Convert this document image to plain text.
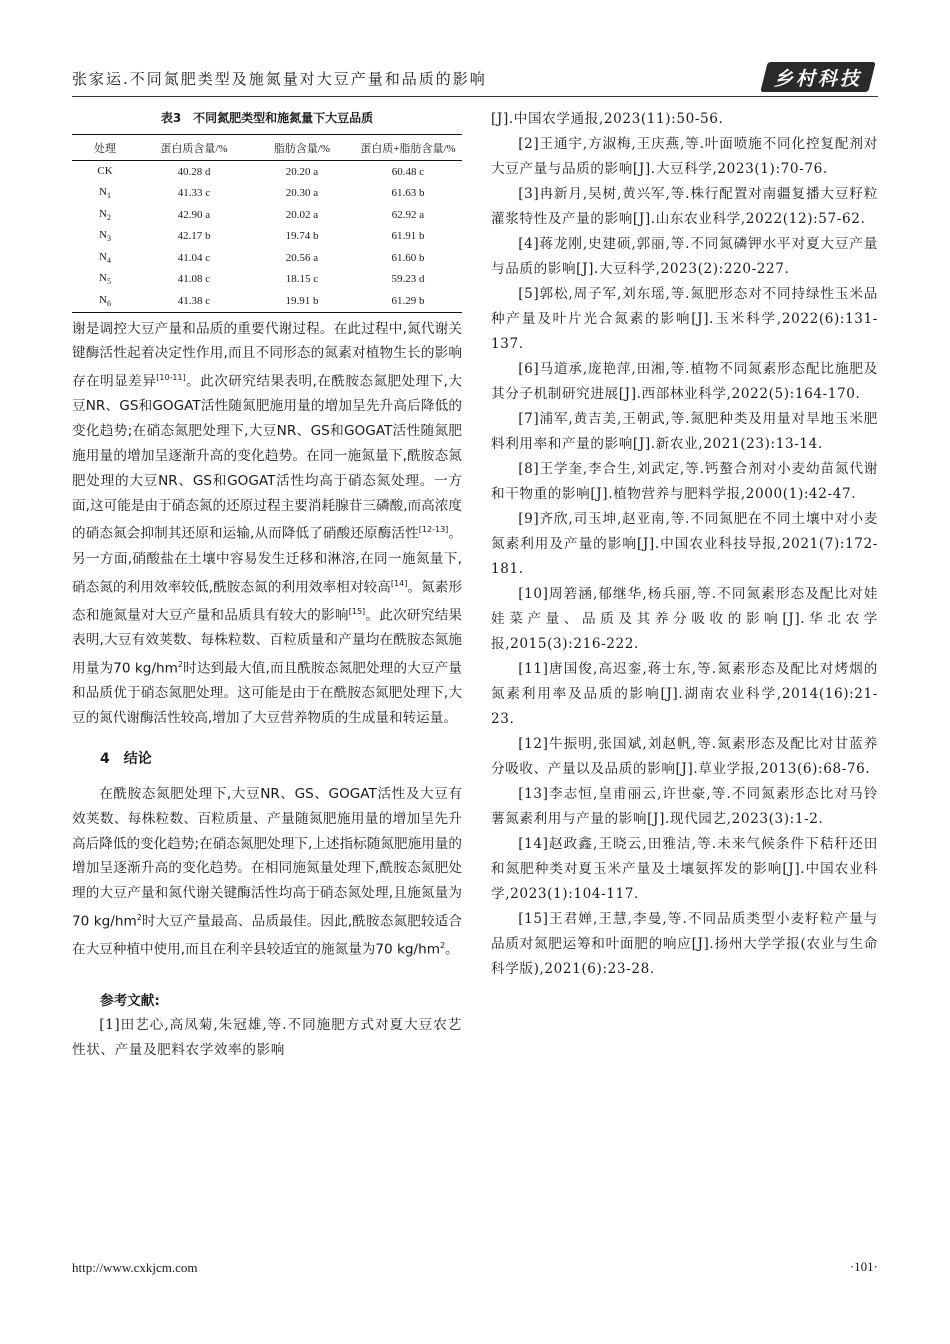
张家运.不同氮肥类型及施氮量对大豆产量和品质的影响	乡村科技
表3　不同氮肥类型和施氮量下大豆品质
处理	蛋白质含量/%	脂肪含量/%	蛋白质+脂肪含量/%
CK	40.28 d	20.20 a	60.48 c
$N_1$	41.33 c	20.30 a	61.63 b
$N_2$	42.90 a	20.02 a	62.92 a
$N_3$	42.17 b	19.74 b	61.91 b
$N_4$	41.04 c	20.56 a	61.60 b
$N_5$	41.08 c	18.15 c	59.23 d
$N_6$	41.38 c	19.91 b	61.29 b

谢是调控大豆产量和品质的重要代谢过程。在此过程中,氮代谢关键酶活性起着决定性作用,而且不同形态的氮素对植物生长的影响存在明显差异[10-11]。此次研究结果表明,在酰胺态氮肥处理下,大豆NR、GS和GOGAT活性随氮肥施用量的增加呈先升高后降低的变化趋势;在硝态氮肥处理下,大豆NR、GS和GOGAT活性随氮肥施用量的增加呈逐渐升高的变化趋势。在同一施氮量下,酰胺态氮肥处理的大豆NR、GS和GOGAT活性均高于硝态氮处理。一方面,这可能是由于硝态氮的还原过程主要消耗腺苷三磷酸,而高浓度的硝态氮会抑制其还原和运输,从而降低了硝酸还原酶活性[12-13]。另一方面,硝酸盐在土壤中容易发生迁移和淋溶,在同一施氮量下,硝态氮的利用效率较低,酰胺态氮的利用效率相对较高[14]。氮素形态和施氮量对大豆产量和品质具有较大的影响[15]。此次研究结果表明,大豆有效荚数、每株粒数、百粒质量和产量均在酰胺态氮施用量为70 $kg/hm^2$时达到最大值,而且酰胺态氮肥处理的大豆产量和品质优于硝态氮肥处理。这可能是由于在酰胺态氮肥处理下,大豆的氮代谢酶活性较高,增加了大豆营养物质的生成量和转运量。

4　结论

在酰胺态氮肥处理下,大豆NR、GS、GOGAT活性及大豆有效荚数、每株粒数、百粒质量、产量随氮肥施用量的增加呈先升高后降低的变化趋势;在硝态氮肥处理下,上述指标随氮肥施用量的增加呈逐渐升高的变化趋势。在相同施氮量处理下,酰胺态氮肥处理的大豆产量和氮代谢关键酶活性均高于硝态氮处理,且施氮量为70 $kg/hm^2$时大豆产量最高、品质最佳。因此,酰胺态氮肥较适合在大豆种植中使用,而且在利辛县较适宜的施氮量为70 $kg/hm^2$。

参考文献:

[1]田艺心,高凤菊,朱冠雄,等.不同施肥方式对夏大豆农艺性状、产量及肥料农学效率的影响

[J].中国农学通报,2023(11):50-56.

[2]王通宇,方淑梅,王庆燕,等.叶面喷施不同化控复配剂对大豆产量与品质的影响[J].大豆科学,2023(1):70-76.

[3]冉新月,吴树,黄兴军,等.株行配置对南疆复播大豆籽粒灌浆特性及产量的影响[J].山东农业科学,2022(12):57-62.

[4]蒋龙刚,史建硕,郭丽,等.不同氮磷钾水平对夏大豆产量与品质的影响[J].大豆科学,2023(2):220-227.

[5]郭松,周子军,刘东瑶,等.氮肥形态对不同持绿性玉米品种产量及叶片光合氮素的影响[J].玉米科学,2022(6):131-137.

[6]马道承,庞艳萍,田湘,等.植物不同氮素形态配比施肥及其分子机制研究进展[J].西部林业科学,2022(5):164-170.

[7]浦军,黄吉美,王朝武,等.氮肥种类及用量对旱地玉米肥料利用率和产量的影响[J].新农业,2021(23):13-14.

[8]王学奎,李合生,刘武定,等.钙螯合剂对小麦幼苗氮代谢和干物重的影响[J].植物营养与肥料学报,2000(1):42-47.

[9]齐欣,司玉坤,赵亚南,等.不同氮肥在不同土壤中对小麦氮素利用及产量的影响[J].中国农业科技导报,2021(7):172-181.

[10]周箬涵,郁继华,杨兵丽,等.不同氮素形态及配比对娃娃菜产量、品质及其养分吸收的影响[J].华北农学报,2015(3):216-222.

[11]唐国俊,高迟銮,蒋士东,等.氮素形态及配比对烤烟的氮素利用率及品质的影响[J].湖南农业科学,2014(16):21-23.

[12]牛振明,张国斌,刘赵帆,等.氮素形态及配比对甘蓝养分吸收、产量以及品质的影响[J].草业学报,2013(6):68-76.

[13]李志恒,皇甫丽云,许世豪,等.不同氮素形态比对马铃薯氮素利用与产量的影响[J].现代园艺,2023(3):1-2.

[14]赵政鑫,王晓云,田雅洁,等.未来气候条件下秸秆还田和氮肥种类对夏玉米产量及土壤氨挥发的影响[J].中国农业科学,2023(1):104-117.

[15]王君婵,王慧,李曼,等.不同品质类型小麦籽粒产量与品质对氮肥运筹和叶面肥的响应[J].扬州大学学报(农业与生命科学版),2021(6):23-28.

http://www.cxkjcm.com	·101·
